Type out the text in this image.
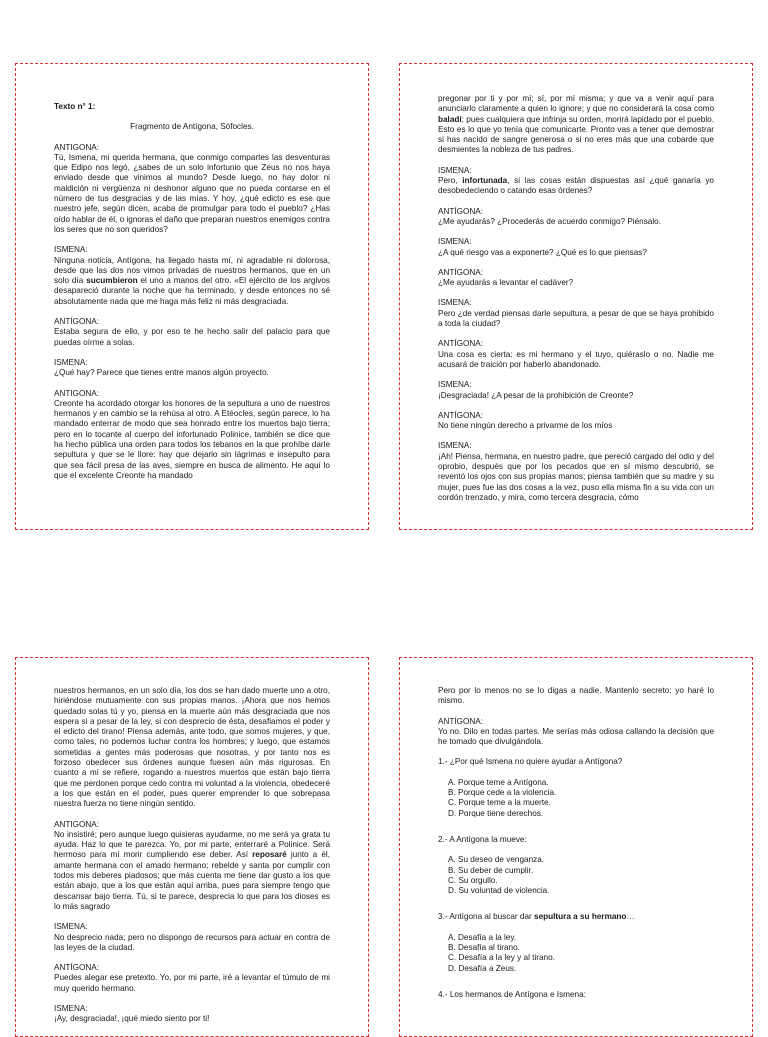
Texto n° 1:

Fragmento de Antígona, Sófocles.

ANTIGONA:
Tú, Ismena, mi querida hermana, que conmigo compartes las desventuras que Edipo nos legó, ¿sabes de un solo infortunio que Zeus no nos haya enviado desde que vinimos al mundo? Desde luego, no hay dolor ni maldición ni vergüenza ni deshonor alguno que no pueda contarse en el número de tus desgracias y de las mías. Y hoy, ¿qué edicto es ese que nuestro jefe, según dicen, acaba de promulgar para todo el pueblo? ¿Has oído hablar de él, o ignoras el daño que preparan nuestros enemigos contra los seres que no son queridos?

ISMENA:
Ninguna noticia, Antígona, ha llegado hasta mí, ni agradable ni dolorosa, desde que las dos nos vimos privadas de nuestros hermanos, que en un solo día sucumbieron el uno a manos del otro. «El ejército de los argivos desapareció durante la noche que ha terminado, y desde entonces no sé absolutamente nada que me haga más feliz ni más desgraciada.

ANTÍGONA:
Estaba segura de ello, y por eso te he hecho salir del palacio para que puedas oírme a solas.

ISMENA:
¿Qué hay? Parece que tienes entre manos algún proyecto.

ANTIGONA:
Creonte ha acordado otorgar los honores de la sepultura a uno de nuestros hermanos y en cambio se la rehúsa al otro. A Etéocles, según parece, lo ha mandado enterrar de modo que sea honrado entre los muertos bajo tierra; pero en lo tocante al cuerpo del infortunado Polinice, también se dice que ha hecho pública una orden para todos los tebanos en la que prohíbe darle sepultura y que se le llore: hay que dejarlo sin lágrimas e insepulto para que sea fácil presa de las aves, siempre en busca de alimento. He aquí lo que el excelente Creonte ha mandado

pregonar por ti y por mí; sí, por mí misma; y que va a venir aquí para anunciarlo claramente a quien lo ignore; y que no considerará la cosa como baladí; pues cualquiera que infrinja su orden, morirá lapidado por el pueblo. Esto es lo que yo tenía que comunicarte. Pronto vas a tener que demostrar si has nacido de sangre generosa o si no eres más que una cobarde que desmientes la nobleza de tus padres.

ISMENA:
Pero, infortunada, si las cosas están dispuestas así ¿qué ganaría yo desobedeciendo o catando esas órdenes?

ANTÍGONA:
¿Me ayudarás? ¿Procederás de acuerdo conmigo? Piénsalo.

ISMENA:
¿A qué riesgo vas a exponerte? ¿Qué es lo que piensas?

ANTÍGONA:
¿Me ayudarás a levantar el cadáver?

ISMENA:
Pero ¿de verdad piensas darle sepultura, a pesar de que se haya prohibido a toda la ciudad?

ANTÍGONA:
Una cosa es cierta: es mi hermano y el tuyo, quiéraslo o no. Nadie me acusará de traición por haberlo abandonado.

ISMENA:
¡Desgraciada! ¿A pesar de la prohibición de Creonte?

ANTÍGONA:
No tiene ningún derecho a privarme de los míos

ISMENA:
¡Ah! Piensa, hermana, en nuestro padre, que pereció cargado del odio y del oprobio, después que por los pecados que en sí mismo descubrió, se reventó los ojos con sus propias manos; piensa también que su madre y su mujer, pues fue las dos cosas a la vez, puso ella misma fin a su vida con un cordón trenzado, y mira, como tercera desgracia, cómo

nuestros hermanos, en un solo día, los dos se han dado muerte uno a otro, hiriéndose mutuamente con sus propias manos. ¡Ahora que nos hemos quedado solas tú y yo, piensa en la muerte aún más desgraciada que nos espera si a pesar de la ley, si con desprecio de ésta, desafiamos el poder y el edicto del tirano! Piensa además, ante todo, que somos mujeres, y que, como tales, no podemos luchar contra los hombres; y luego, que estamos sometidas a gentes más poderosas que nosotras, y por tanto nos es forzoso obedecer sus órdenes aunque fuesen aún más rigurosas. En cuanto a mí se refiere, rogando a nuestros muertos que están bajo tierra que me perdonen porque cedo contra mi voluntad a la violencia, obedeceré a los que están en el poder, pues querer emprender lo que sobrepasa nuestra fuerza no tiene ningún sentido.

ANTIGONA:
No insistiré; pero aunque luego quisieras ayudarme, no me será ya grata tu ayuda. Haz lo que te parezca. Yo, por mi parte, enterraré a Polinice. Será hermoso para mí morir cumpliendo ese deber. Así reposaré junto a él, amante hermana con el amado hermano; rebelde y santa por cumplir con todos mis deberes piadosos; que más cuenta me tiene dar gusto a los que están abajo, que a los que están aquí arriba, pues para siempre tengo que descansar bajo tierra. Tú, si te parece, desprecia lo que para los dioses es lo más sagrado

ISMENA:
No desprecio nada; pero no dispongo de recursos para actuar en contra de las leyes de la ciudad.

ANTÍGONA:
Puedes alegar ese pretexto. Yo, por mi parte, iré a levantar el túmulo de mi muy querido hermano.

ISMENA:
¡Ay, desgraciada!, ¡qué miedo siento por ti!

Pero por lo menos no se lo digas a nadie. Mantenlo secreto; yo haré lo mismo.

ANTÍGONA:
Yo no. Dilo en todas partes. Me serías más odiosa callando la decisión que he tomado que divulgándola.

1.- ¿Por qué Ismena no quiere ayudar a Antígona?

A. Porque teme a Antígona.
B. Porque cede a la violencia.
C. Porque teme a la muerte.
D. Porque tiene derechos.

2.- A Antígona la mueve:

A. Su deseo de venganza.
B. Su deber de cumplir.
C. Su orgullo.
D. Su voluntad de violencia.

3.- Antígona al buscar dar sepultura a su hermano…

A. Desafía a la ley.
B. Desafía al tirano.
C. Desafía a la ley y al tirano.
D. Desafía a Zeus.

4.- Los hermanos de Antígona e Ismena:
